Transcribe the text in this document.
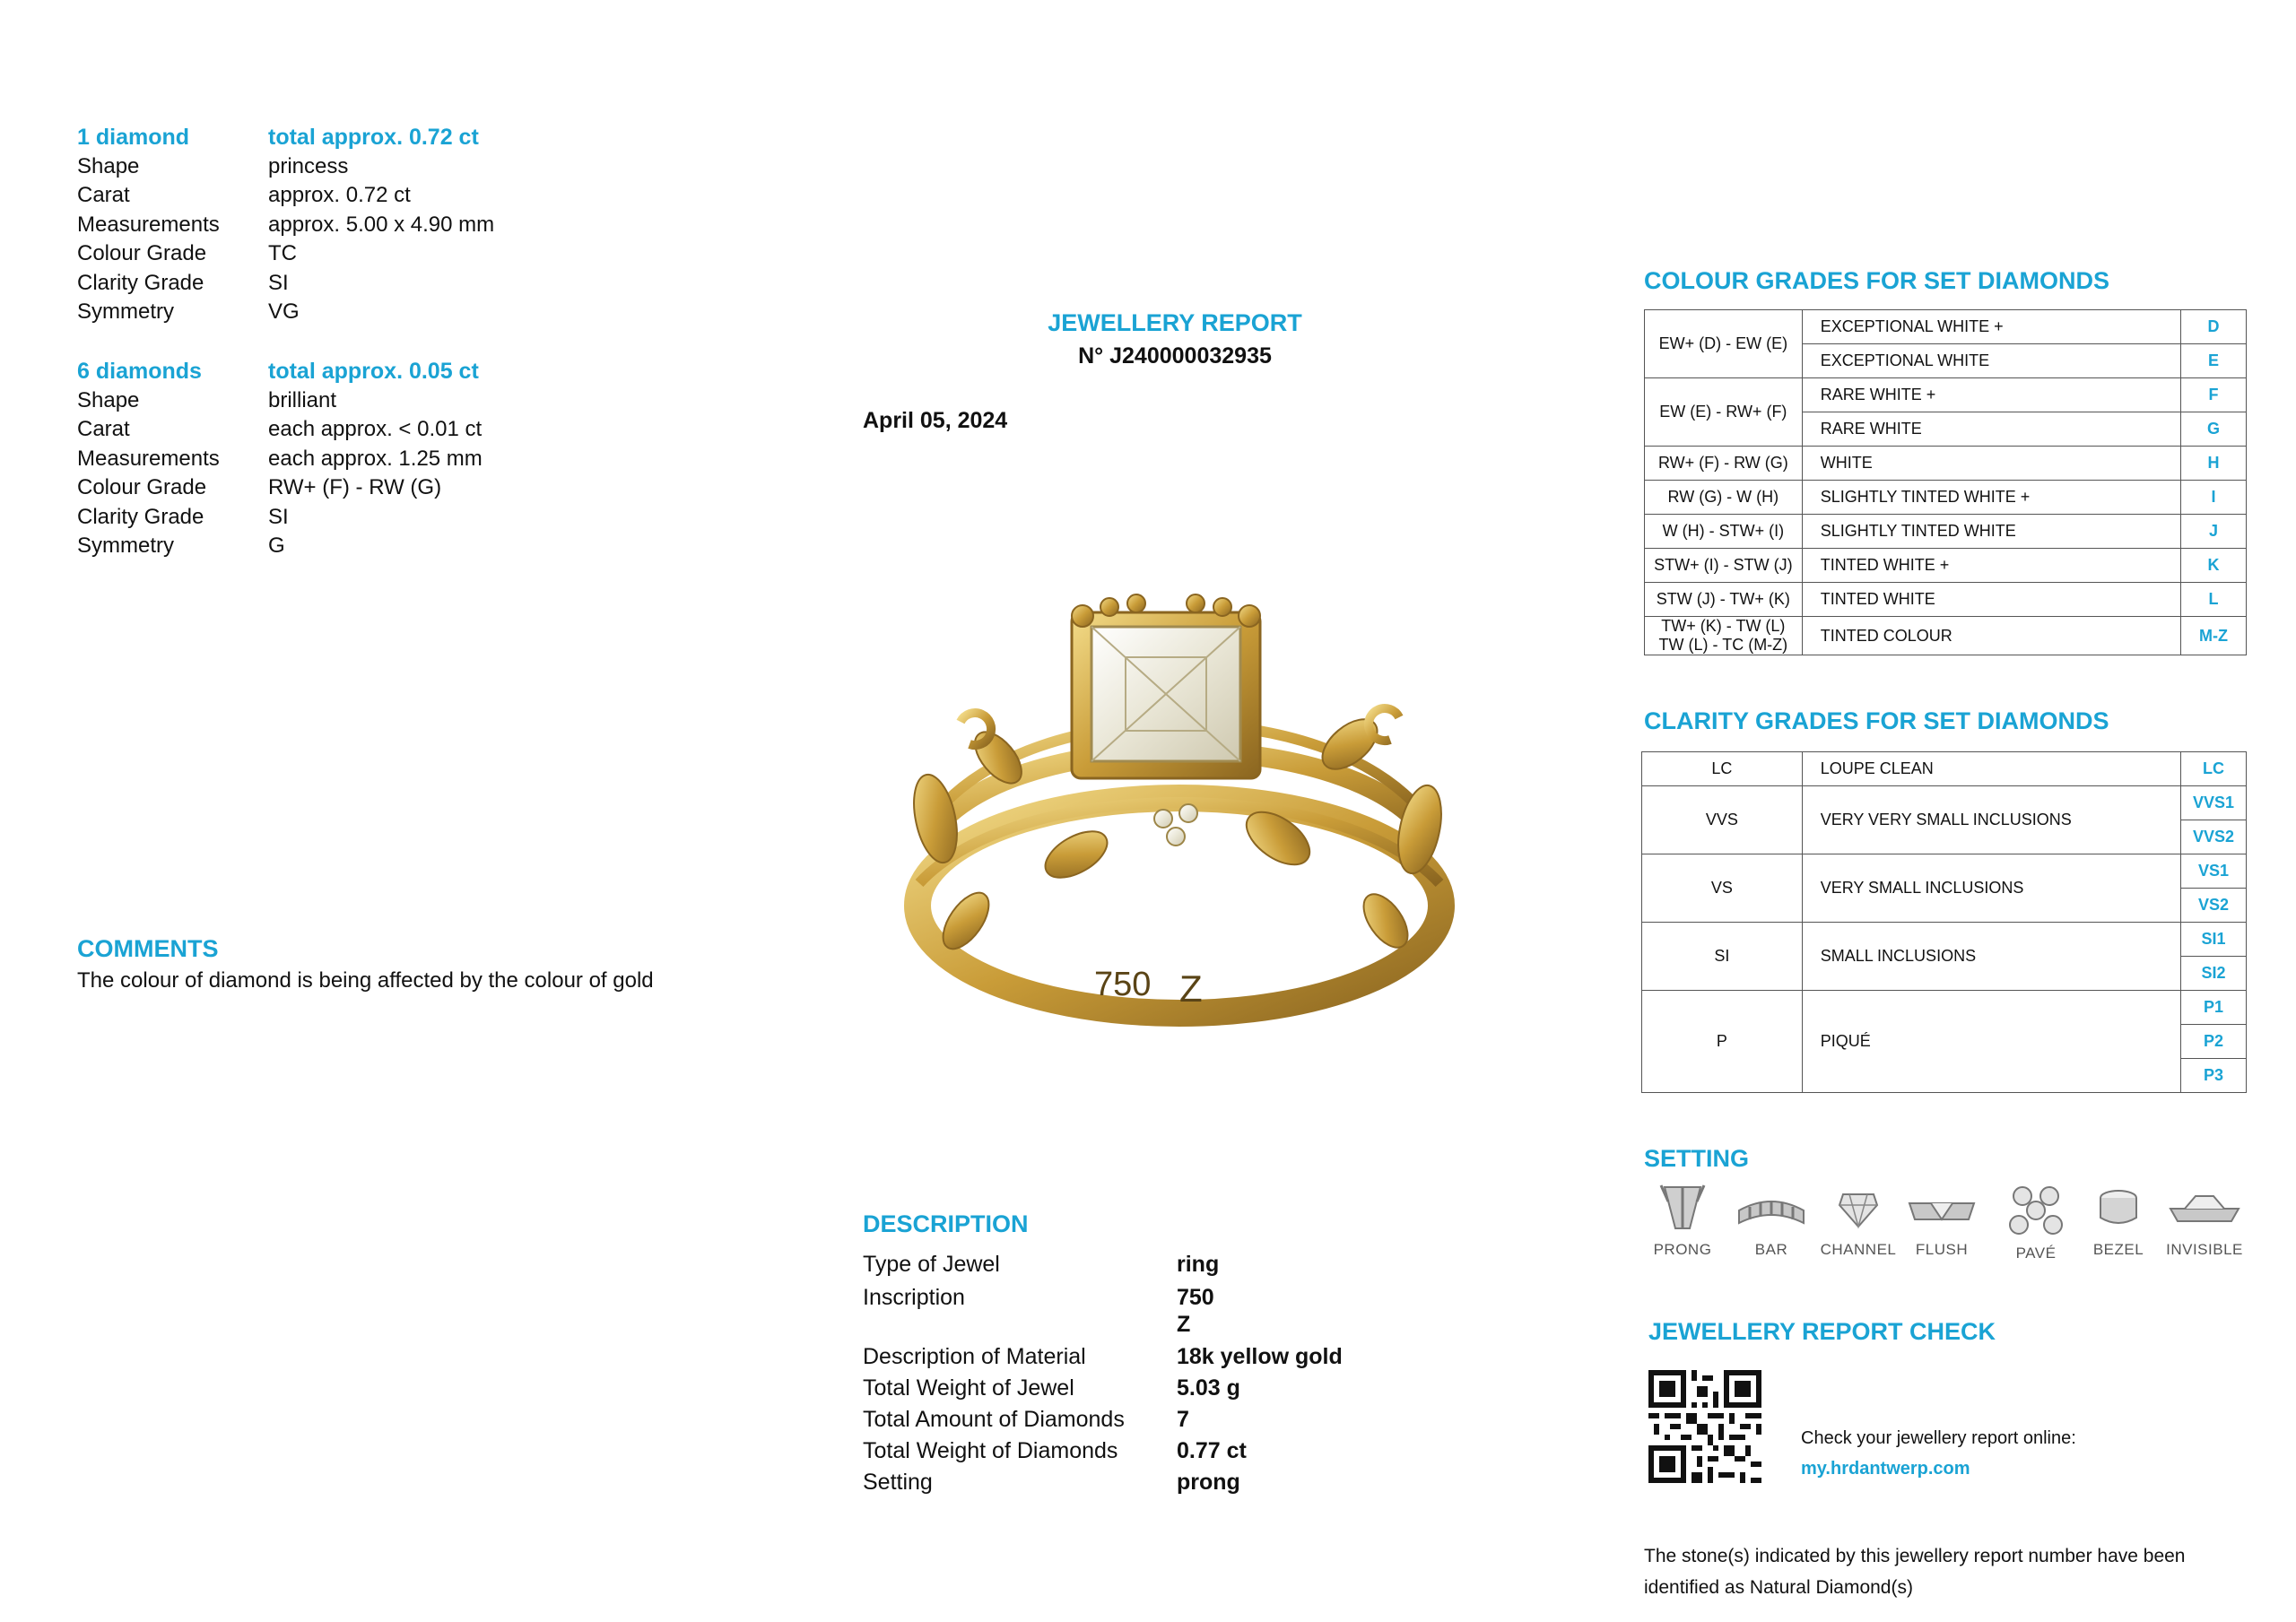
1 diamond	total approx. 0.72 ct
Shape	princess
Carat	approx. 0.72 ct
Measurements	approx. 5.00 x 4.90 mm
Colour Grade	TC
Clarity Grade	SI
Symmetry	VG
6 diamonds	total approx. 0.05 ct
Shape	brilliant
Carat	each approx. < 0.01 ct
Measurements	each approx. 1.25 mm
Colour Grade	RW+ (F) - RW (G)
Clarity Grade	SI
Symmetry	G
COMMENTS
The colour of diamond is being affected by the colour of gold
JEWELLERY REPORT
N° J240000032935
April 05, 2024
750 Z
DESCRIPTION
Type of Jewel	ring
Inscription	750
Z
Description of Material	18k yellow gold
Total Weight of Jewel	5.03 g
Total Amount of Diamonds	7
Total Weight of Diamonds	0.77 ct
Setting	prong
COLOUR GRADES FOR SET DIAMONDS
EW+ (D) - EW (E)	EXCEPTIONAL WHITE +	D
	EXCEPTIONAL WHITE	E
EW (E) - RW+ (F)	RARE WHITE +	F
	RARE WHITE	G
RW+ (F) - RW (G)	WHITE	H
RW (G) - W (H)	SLIGHTLY TINTED WHITE +	I
W (H) - STW+ (I)	SLIGHTLY TINTED WHITE	J
STW+ (I) - STW (J)	TINTED WHITE +	K
STW (J) - TW+ (K)	TINTED WHITE	L
TW+ (K) - TW (L)
TW (L) - TC (M-Z)	TINTED COLOUR	M-Z
CLARITY GRADES FOR SET DIAMONDS
LC	LOUPE CLEAN	LC
VVS	VERY VERY SMALL INCLUSIONS	VVS1
		VVS2
VS	VERY SMALL INCLUSIONS	VS1
		VS2
SI	SMALL INCLUSIONS	SI1
		SI2
P	PIQUÉ	P1
		P2
		P3
SETTING
PRONG	BAR	CHANNEL	FLUSH	PAVÉ	BEZEL	INVISIBLE
JEWELLERY REPORT CHECK
Check your jewellery report online:
my.hrdantwerp.com
The stone(s) indicated by this jewellery report number have been identified as Natural Diamond(s)
